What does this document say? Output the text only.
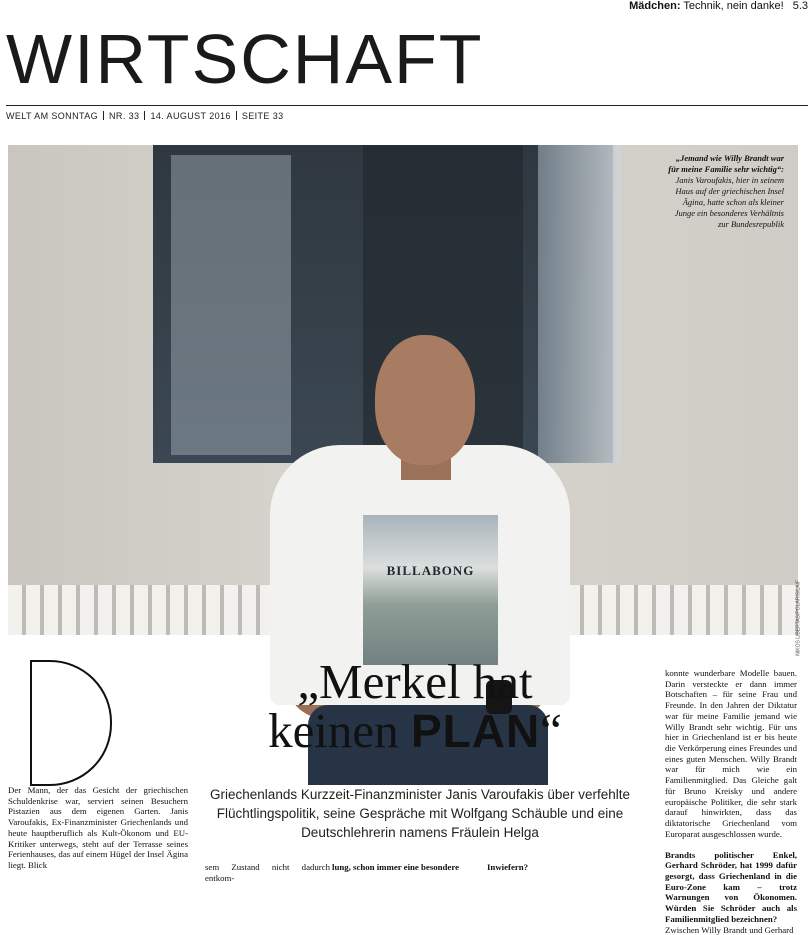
Mädchen: Technik, nein danke! 5.3
WIRTSCHAFT
WELT AM SONNTAG NR. 33 14. AUGUST 2016 SEITE 33
BILLABONG
„Jemand wie Willy Brandt war für meine Familie sehr wichtig“: Janis Varoufakis, hier in seinem Haus auf der griechischen Insel Ägina, hatte schon als kleiner Junge ein besonderes Verhältnis zur Bundesrepublik
NIKOS LIBERTAS/POLARIS/LAIF
„Merkel hat
keinen PLAN“
Griechenlands Kurzzeit-Finanzminister Janis Varoufakis über verfehlte Flüchtlingspolitik, seine Gespräche mit Wolfgang Schäuble und eine Deutschlehrerin namens Fräulein Helga
Der Mann, der das Gesicht der griechischen Schuldenkrise war, serviert seinen Besuchern Pistazien aus dem eigenen Garten. Janis Varoufakis, Ex-Finanzminister Griechenlands und heute hauptberuflich als Kult-Ökonom und EU-Kritiker unterwegs, steht auf der Terrasse seines Ferienhauses, das auf einem Hügel der Insel Ägina liegt. Blick	sem Zustand nicht dadurch entkom-
lung, schon immer eine besondere	Inwiefern?
konnte wunderbare Modelle bauen. Darin versteckte er dann immer Botschaften – für seine Frau und Freunde. In den Jahren der Diktatur war für meine Familie jemand wie Willy Brandt sehr wichtig. Für uns hier in Griechenland ist er bis heute die Verkörperung eines Freundes und eines guten Menschen. Willy Brandt war für mich wie ein Familienmitglied. Das Gleiche galt für Bruno Kreisky und andere europäische Politiker, die sehr stark darauf hinwirkten, dass das diktatorische Griechenland vom Europarat ausgeschlossen wurde.
Brandts politischer Enkel, Gerhard Schröder, hat 1999 dafür gesorgt, dass Griechenland in die Euro-Zone kam – trotz Warnungen von Ökonomen. Würden Sie Schröder auch als Familienmitglied bezeichnen?
Zwischen Willy Brandt und Gerhard
